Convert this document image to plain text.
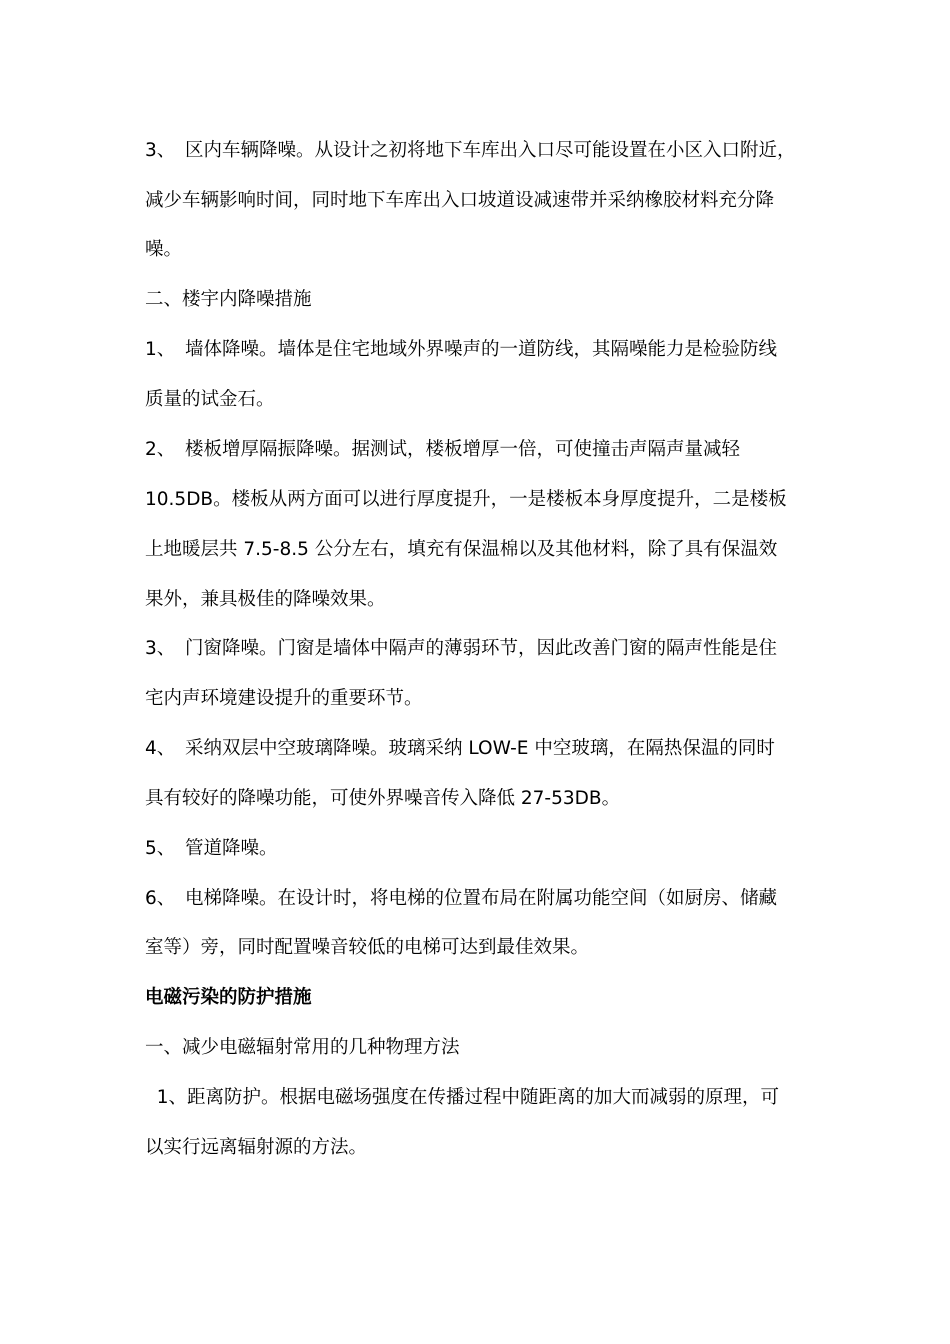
3、 区内车辆降噪。从设计之初将地下车库出入口尽可能设置在小区入口附近，
减少车辆影响时间，同时地下车库出入口坡道设减速带并采纳橡胶材料充分降
噪。
二、楼宇内降噪措施
1、 墙体降噪。墙体是住宅地域外界噪声的一道防线，其隔噪能力是检验防线
质量的试金石。
2、 楼板增厚隔振降噪。据测试，楼板增厚一倍，可使撞击声隔声量减轻
10.5DB。楼板从两方面可以进行厚度提升，一是楼板本身厚度提升，二是楼板
上地暖层共 7.5-8.5 公分左右，填充有保温棉以及其他材料，除了具有保温效
果外，兼具极佳的降噪效果。
3、 门窗降噪。门窗是墙体中隔声的薄弱环节，因此改善门窗的隔声性能是住
宅内声环境建设提升的重要环节。
4、 采纳双层中空玻璃降噪。玻璃采纳 LOW-E 中空玻璃，在隔热保温的同时
具有较好的降噪功能，可使外界噪音传入降低 27-53DB。
5、 管道降噪。
6、 电梯降噪。在设计时，将电梯的位置布局在附属功能空间（如厨房、储藏
室等）旁，同时配置噪音较低的电梯可达到最佳效果。
电磁污染的防护措施
一、减少电磁辐射常用的几种物理方法
1、距离防护。根据电磁场强度在传播过程中随距离的加大而减弱的原理，可
以实行远离辐射源的方法。
